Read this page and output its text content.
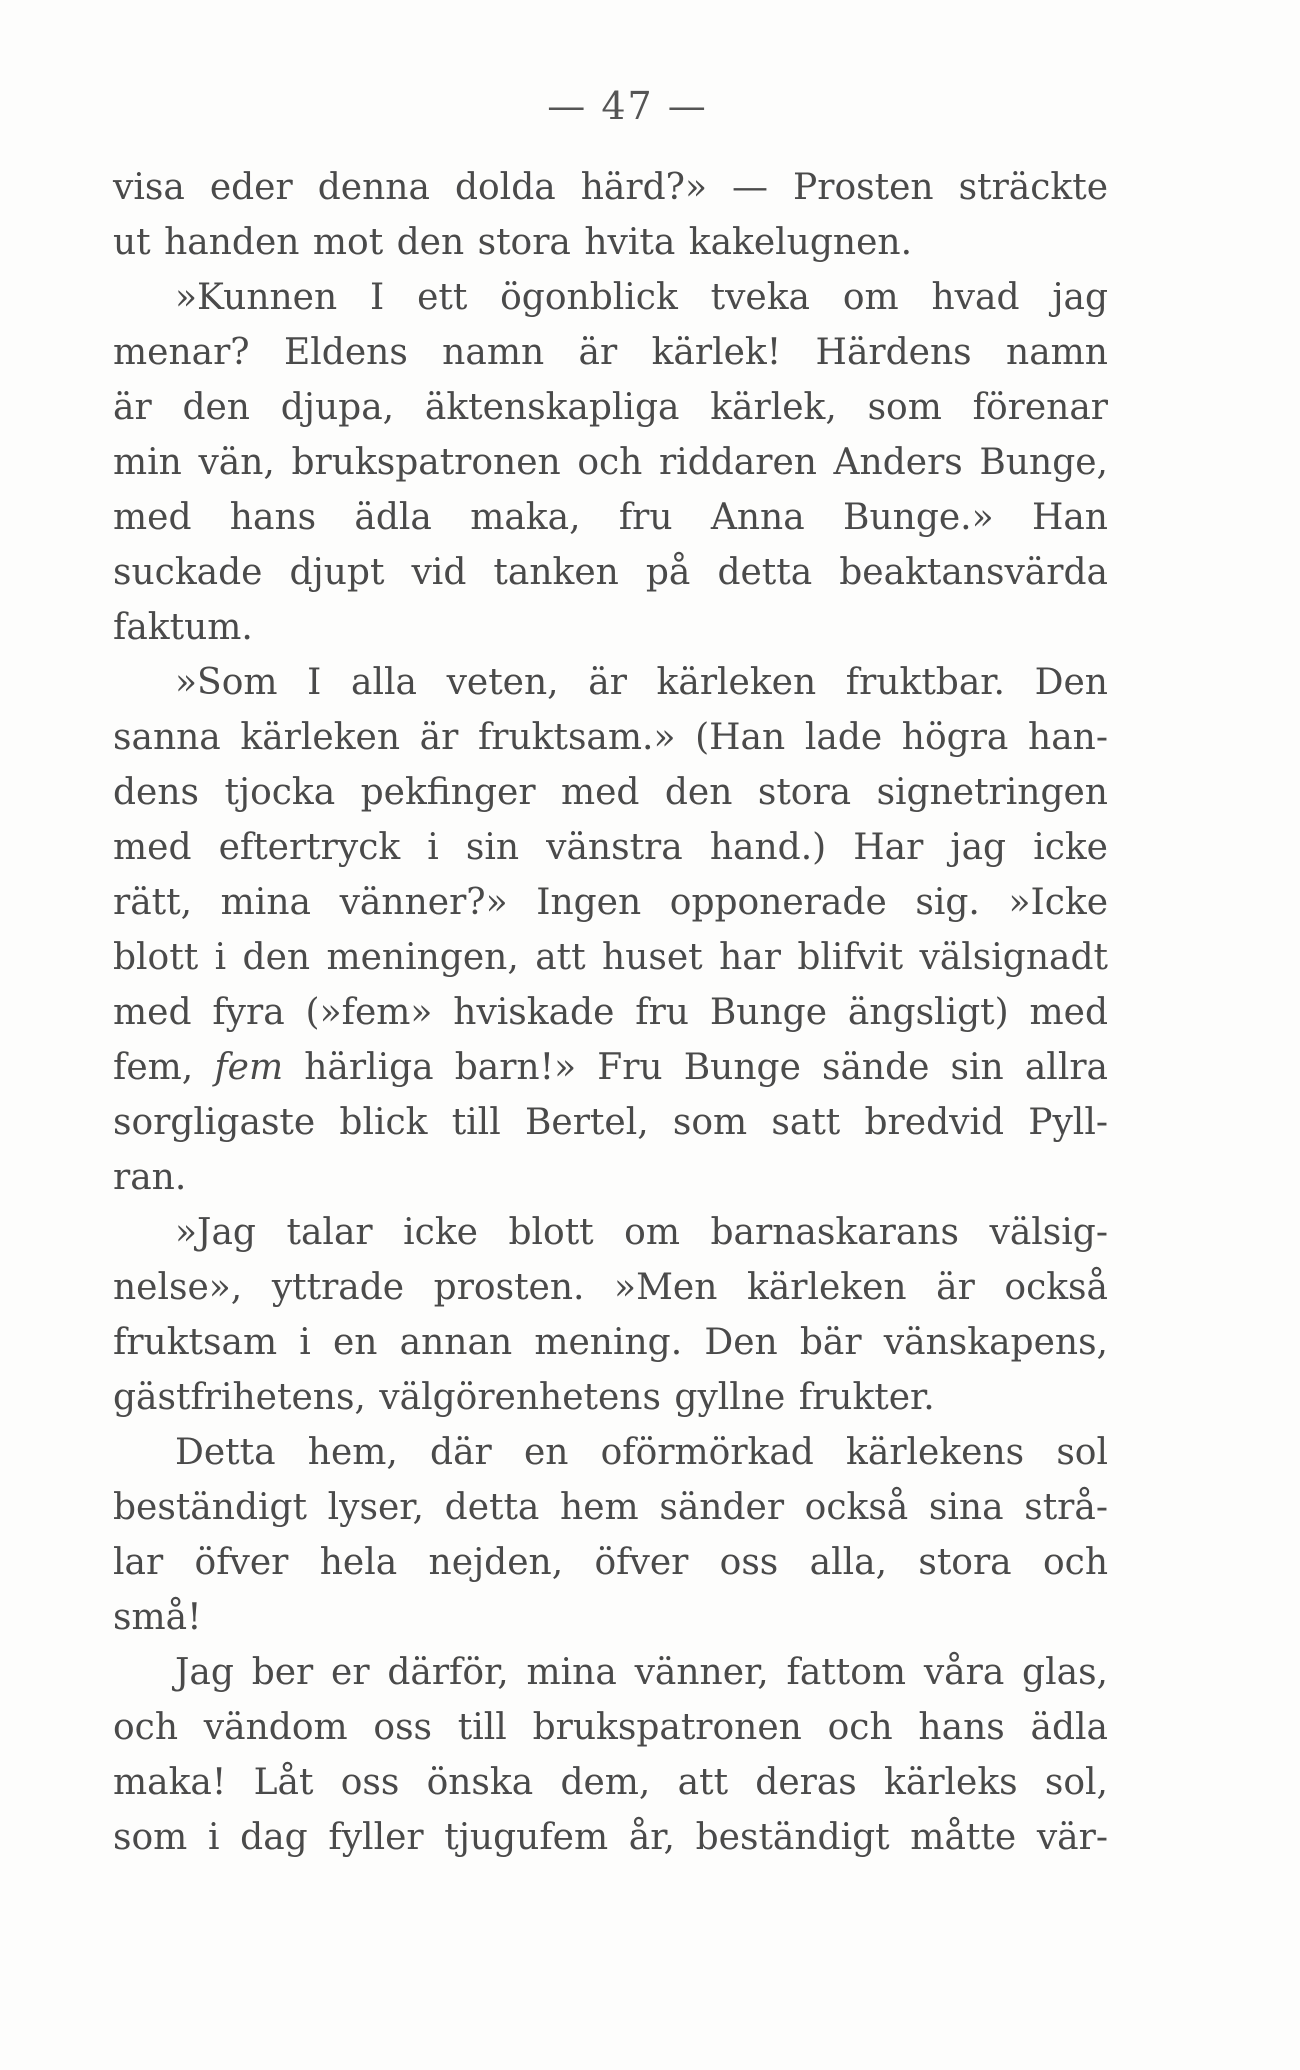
— 47 —
visa eder denna dolda härd?» — Prosten sträckte
ut handen mot den stora hvita kakelugnen.
»Kunnen I ett ögonblick tveka om hvad jag
menar? Eldens namn är kärlek! Härdens namn
är den djupa, äktenskapliga kärlek, som förenar
min vän, brukspatronen och riddaren Anders Bunge,
med hans ädla maka, fru Anna Bunge.» Han
suckade djupt vid tanken på detta beaktansvärda
faktum.
»Som I alla veten, är kärleken fruktbar. Den
sanna kärleken är fruktsam.» (Han lade högra han-
dens tjocka pekfinger med den stora signetringen
med eftertryck i sin vänstra hand.) Har jag icke
rätt, mina vänner?» Ingen opponerade sig. »Icke
blott i den meningen, att huset har blifvit välsignadt
med fyra (»fem» hviskade fru Bunge ängsligt) med
fem, fem härliga barn!» Fru Bunge sände sin allra
sorgligaste blick till Bertel, som satt bredvid Pyll-
ran.
»Jag talar icke blott om barnaskarans välsig-
nelse», yttrade prosten. »Men kärleken är också
fruktsam i en annan mening. Den bär vänskapens,
gästfrihetens, välgörenhetens gyllne frukter.
Detta hem, där en oförmörkad kärlekens sol
beständigt lyser, detta hem sänder också sina strå-
lar öfver hela nejden, öfver oss alla, stora och
små!
Jag ber er därför, mina vänner, fattom våra glas,
och vändom oss till brukspatronen och hans ädla
maka! Låt oss önska dem, att deras kärleks sol,
som i dag fyller tjugufem år, beständigt måtte vär-
